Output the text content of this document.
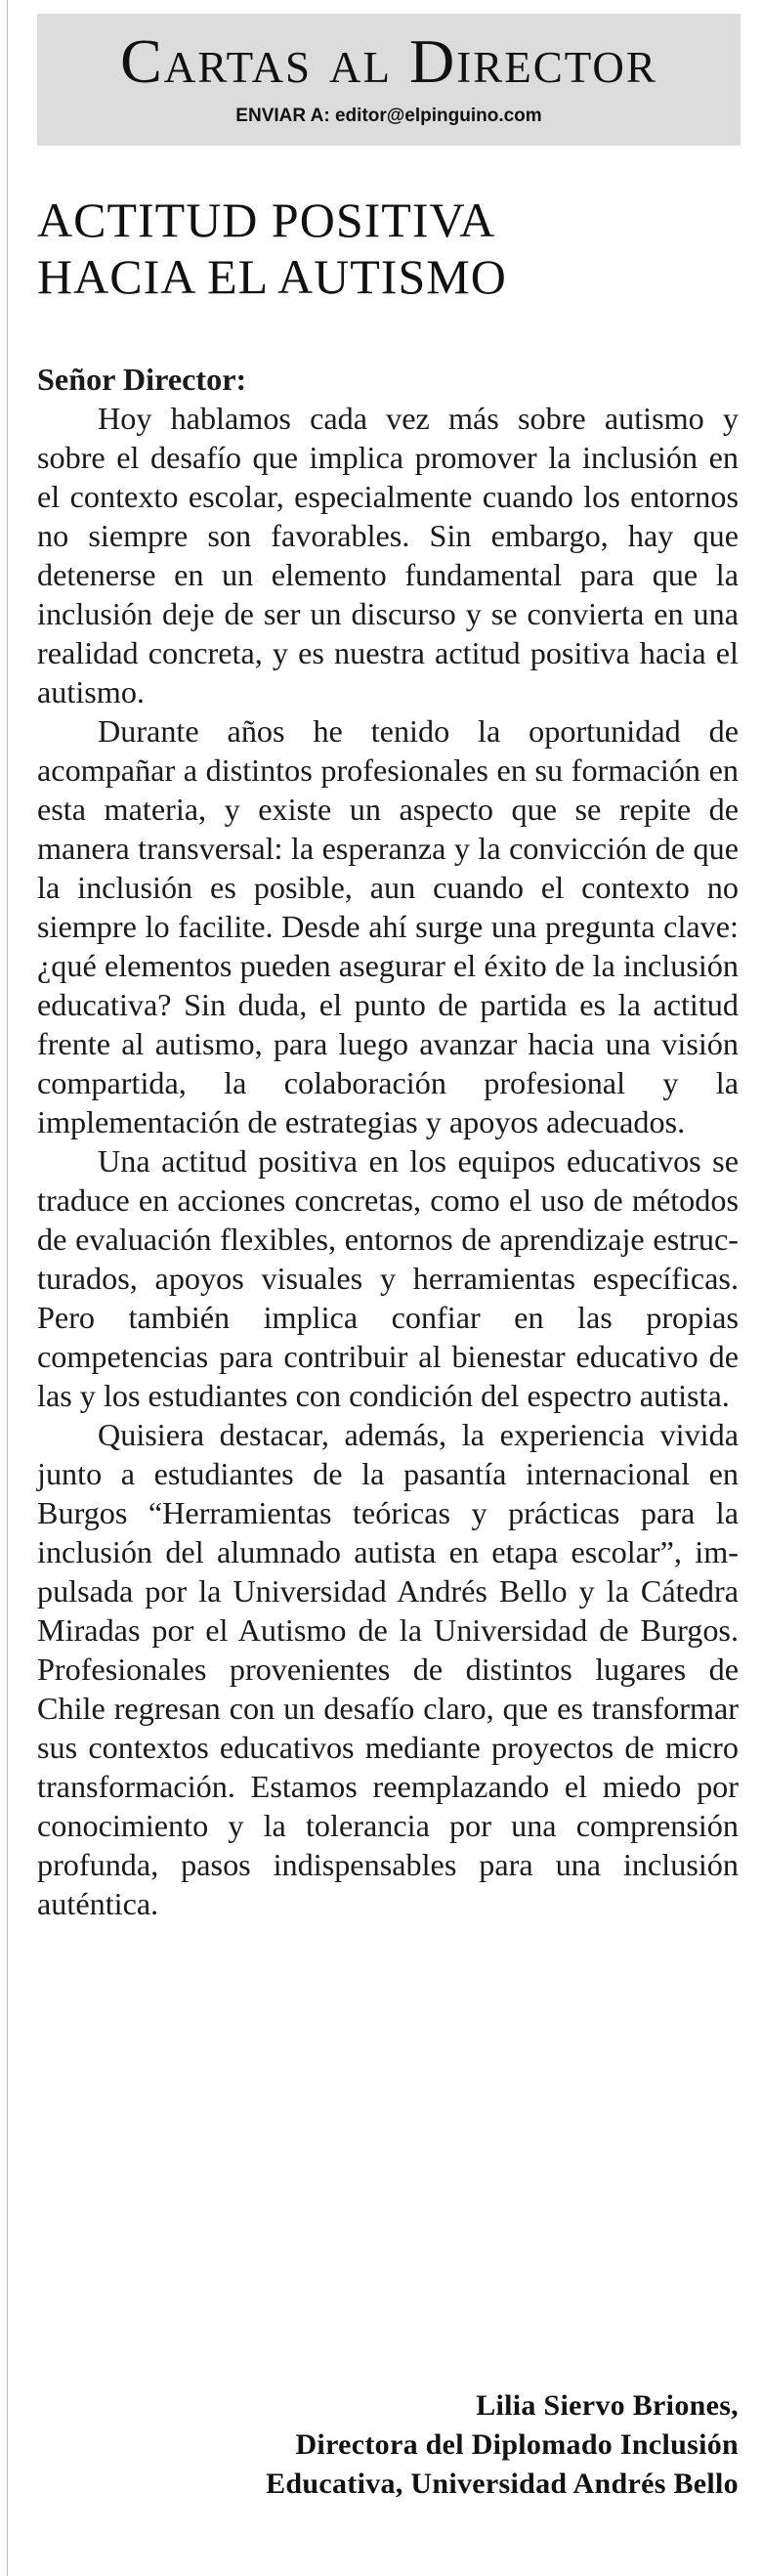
Cartas al Director
ENVIAR A: editor@elpinguino.com
ACTITUD POSITIVA
HACIA EL AUTISMO

Señor Director:

Hoy hablamos cada vez más sobre autismo y sobre el desafío que implica promover la inclusión en el contexto escolar, especialmente cuando los entornos no siempre son favorables. Sin embargo, hay que detenerse en un elemento fundamental para que la inclusión deje de ser un discurso y se convierta en una realidad concreta, y es nuestra actitud positiva hacia el autismo.

Durante años he tenido la oportunidad de acompañar a distintos profesionales en su formación en esta materia, y existe un aspecto que se repite de manera transversal: la esperanza y la convicción de que la inclusión es posible, aun cuando el contexto no siempre lo facilite. Desde ahí surge una pregunta clave: ¿qué elementos pueden asegurar el éxito de la inclusión educativa? Sin duda, el punto de partida es la actitud frente al autismo, para luego avanzar hacia una visión compartida, la colaboración profesional y la implementación de estrategias y apoyos adecuados.

Una actitud positiva en los equipos educativos se traduce en acciones concretas, como el uso de métodos de evaluación flexibles, entornos de aprendizaje estructurados, apoyos visuales y herramientas específicas. Pero también implica confiar en las propias competencias para contribuir al bienestar educativo de las y los estudiantes con condición del espectro autista.

Quisiera destacar, además, la experiencia vivida junto a estudiantes de la pasantía internacional en Burgos “Herramientas teóricas y prácticas para la inclusión del alumnado autista en etapa escolar”, impulsada por la Universidad Andrés Bello y la Cátedra Miradas por el Autismo de la Universidad de Burgos. Profesionales provenientes de distintos lugares de Chile regresan con un desafío claro, que es transformar sus contextos educativos mediante proyectos de micro transformación. Estamos reemplazando el miedo por conocimiento y la tolerancia por una comprensión profunda, pasos indispensables para una inclusión auténtica.

Lilia Siervo Briones,
Directora del Diplomado Inclusión
Educativa, Universidad Andrés Bello
